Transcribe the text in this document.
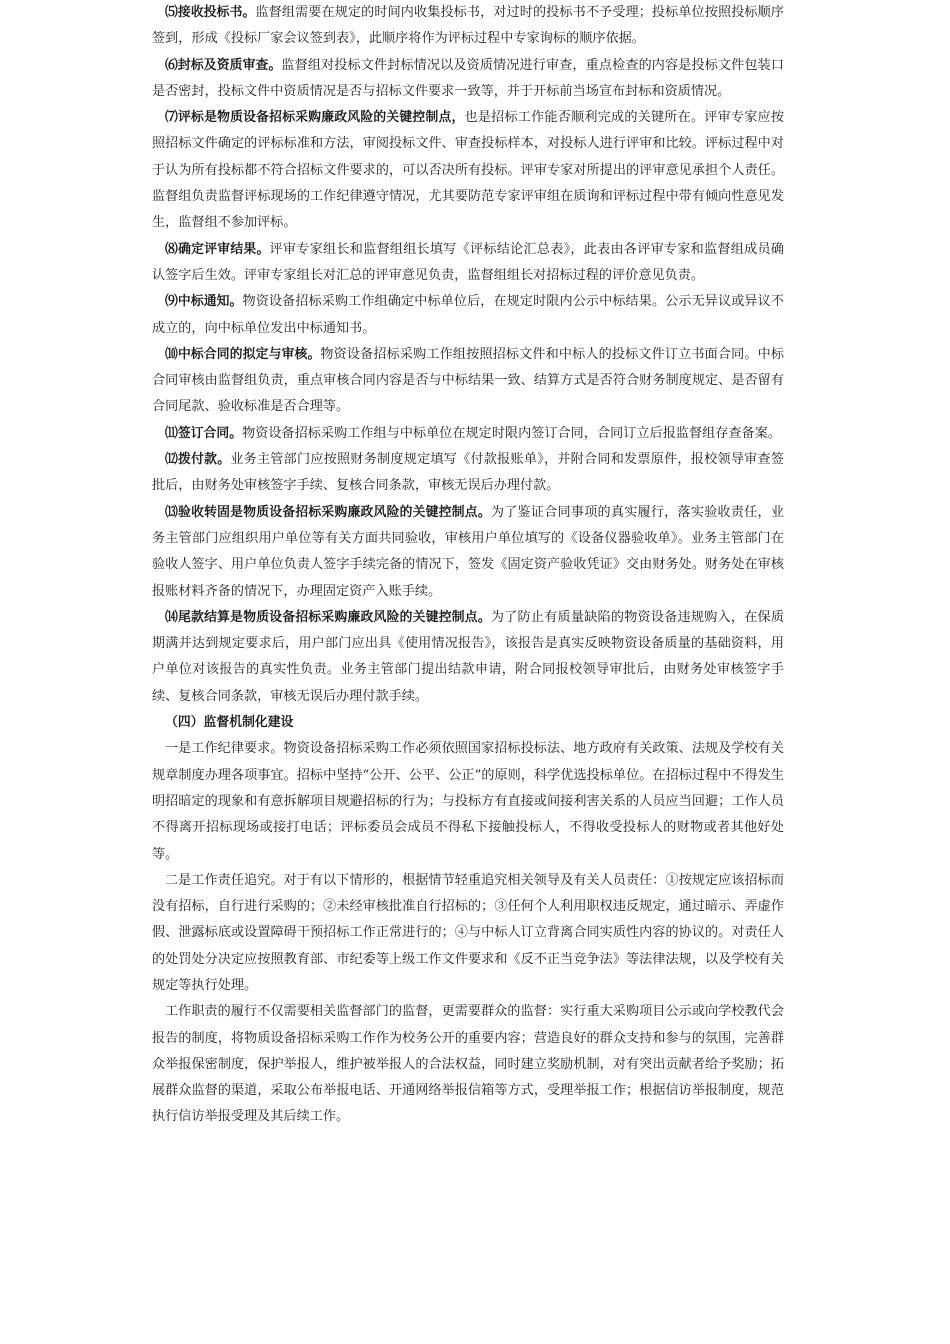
⑸接收投标书。监督组需要在规定的时间内收集投标书，对过时的投标书不予受理；投标单位按照投标顺序签到，形成《投标厂家会议签到表》，此顺序将作为评标过程中专家询标的顺序依据。

⑹封标及资质审查。监督组对投标文件封标情况以及资质情况进行审查，重点检查的内容是投标文件包装口是否密封，投标文件中资质情况是否与招标文件要求一致等，并于开标前当场宣布封标和资质情况。

⑺评标是物质设备招标采购廉政风险的关键控制点，也是招标工作能否顺利完成的关键所在。评审专家应按照招标文件确定的评标标准和方法，审阅投标文件、审查投标样本，对投标人进行评审和比较。评标过程中对于认为所有投标都不符合招标文件要求的，可以否决所有投标。评审专家对所提出的评审意见承担个人责任。监督组负责监督评标现场的工作纪律遵守情况，尤其要防范专家评审组在质询和评标过程中带有倾向性意见发生，监督组不参加评标。

⑻确定评审结果。评审专家组长和监督组组长填写《评标结论汇总表》，此表由各评审专家和监督组成员确认签字后生效。评审专家组长对汇总的评审意见负责，监督组组长对招标过程的评价意见负责。

⑼中标通知。物资设备招标采购工作组确定中标单位后，在规定时限内公示中标结果。公示无异议或异议不成立的，向中标单位发出中标通知书。

⑽中标合同的拟定与审核。物资设备招标采购工作组按照招标文件和中标人的投标文件订立书面合同。中标合同审核由监督组负责，重点审核合同内容是否与中标结果一致、结算方式是否符合财务制度规定、是否留有合同尾款、验收标准是否合理等。

⑾签订合同。物资设备招标采购工作组与中标单位在规定时限内签订合同，合同订立后报监督组存查备案。

⑿拨付款。业务主管部门应按照财务制度规定填写《付款报账单》，并附合同和发票原件，报校领导审查签批后，由财务处审核签字手续、复核合同条款，审核无误后办理付款。

⒀验收转固是物质设备招标采购廉政风险的关键控制点。为了鉴证合同事项的真实履行，落实验收责任，业务主管部门应组织用户单位等有关方面共同验收，审核用户单位填写的《设备仪器验收单》。业务主管部门在验收人签字、用户单位负责人签字手续完备的情况下，签发《固定资产验收凭证》交由财务处。财务处在审核报账材料齐备的情况下，办理固定资产入账手续。

⒁尾款结算是物质设备招标采购廉政风险的关键控制点。为了防止有质量缺陷的物资设备违规购入，在保质期满并达到规定要求后，用户部门应出具《使用情况报告》，该报告是真实反映物资设备质量的基础资料，用户单位对该报告的真实性负责。业务主管部门提出结款申请，附合同报校领导审批后，由财务处审核签字手续、复核合同条款，审核无误后办理付款手续。

（四）监督机制化建设

一是工作纪律要求。物资设备招标采购工作必须依照国家招标投标法、地方政府有关政策、法规及学校有关规章制度办理各项事宜。招标中坚持“公开、公平、公正”的原则，科学优选投标单位。在招标过程中不得发生明招暗定的现象和有意拆解项目规避招标的行为；与投标方有直接或间接利害关系的人员应当回避；工作人员不得离开招标现场或接打电话；评标委员会成员不得私下接触投标人，不得收受投标人的财物或者其他好处等。

二是工作责任追究。对于有以下情形的，根据情节轻重追究相关领导及有关人员责任：①按规定应该招标而没有招标，自行进行采购的；②未经审核批准自行招标的；③任何个人利用职权违反规定，通过暗示、弄虚作假、泄露标底或设置障碍干预招标工作正常进行的；④与中标人订立背离合同实质性内容的协议的。对责任人的处罚处分决定应按照教育部、市纪委等上级工作文件要求和《反不正当竞争法》等法律法规，以及学校有关规定等执行处理。

工作职责的履行不仅需要相关监督部门的监督，更需要群众的监督：实行重大采购项目公示或向学校教代会报告的制度，将物质设备招标采购工作作为校务公开的重要内容；营造良好的群众支持和参与的氛围，完善群众举报保密制度，保护举报人，维护被举报人的合法权益，同时建立奖励机制，对有突出贡献者给予奖励；拓展群众监督的渠道，采取公布举报电话、开通网络举报信箱等方式，受理举报工作；根据信访举报制度，规范执行信访举报受理及其后续工作。
